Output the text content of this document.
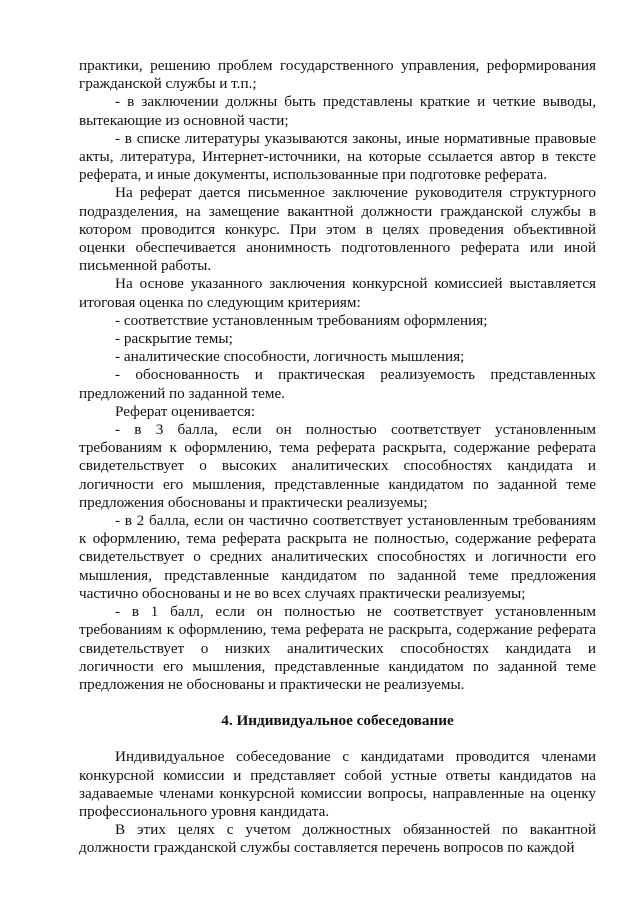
практики, решению проблем государственного управления, реформирования гражданской службы и т.п.;

- в заключении должны быть представлены краткие и четкие выводы, вытекающие из основной части;

- в списке литературы указываются законы, иные нормативные правовые акты, литература, Интернет-источники, на которые ссылается автор в тексте реферата, и иные документы, использованные при подготовке реферата.

На реферат дается письменное заключение руководителя структурного подразделения, на замещение вакантной должности гражданской службы в котором проводится конкурс. При этом в целях проведения объективной оценки обеспечивается анонимность подготовленного реферата или иной письменной работы.

На основе указанного заключения конкурсной комиссией выставляется итоговая оценка по следующим критериям:

- соответствие установленным требованиям оформления;

- раскрытие темы;

- аналитические способности, логичность мышления;

- обоснованность и практическая реализуемость представленных предложений по заданной теме.

Реферат оценивается:

- в 3 балла, если он полностью соответствует установленным требованиям к оформлению, тема реферата раскрыта, содержание реферата свидетельствует о высоких аналитических способностях кандидата и логичности его мышления, представленные кандидатом по заданной теме предложения обоснованы и практически реализуемы;

- в 2 балла, если он частично соответствует установленным требованиям к оформлению, тема реферата раскрыта не полностью, содержание реферата свидетельствует о средних аналитических способностях и логичности его мышления, представленные кандидатом по заданной теме предложения частично обоснованы и не во всех случаях практически реализуемы;

- в 1 балл, если он полностью не соответствует установленным требованиям к оформлению, тема реферата не раскрыта, содержание реферата свидетельствует о низких аналитических способностях кандидата и логичности его мышления, представленные кандидатом по заданной теме предложения не обоснованы и практически не реализуемы.

4. Индивидуальное собеседование

Индивидуальное собеседование с кандидатами проводится членами конкурсной комиссии и представляет собой устные ответы кандидатов на задаваемые членами конкурсной комиссии вопросы, направленные на оценку профессионального уровня кандидата.

В этих целях с учетом должностных обязанностей по вакантной должности гражданской службы составляется перечень вопросов по каждой
